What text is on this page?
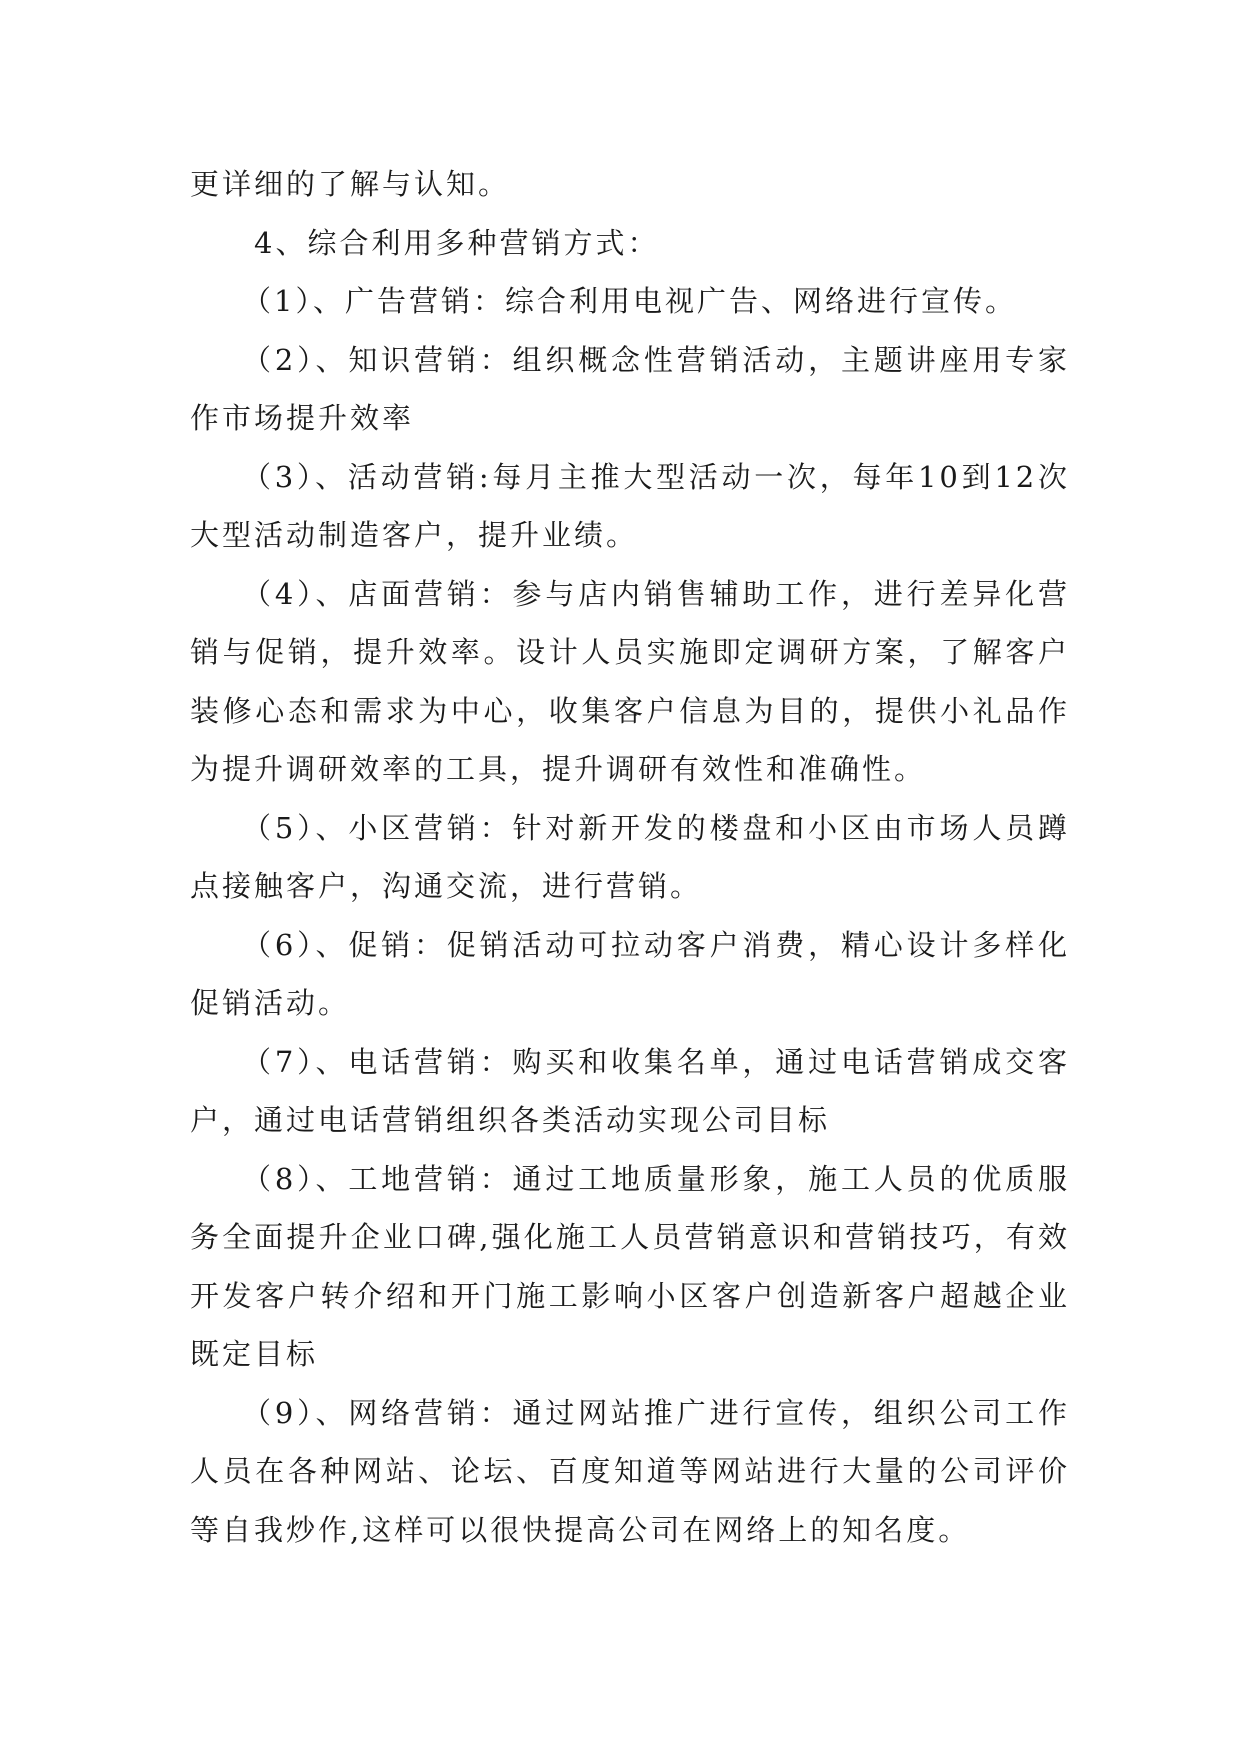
更详细的了解与认知。

4、综合利用多种营销方式：

（1）、广告营销：综合利用电视广告、网络进行宣传。

（2）、知识营销：组织概念性营销活动，主题讲座用专家作市场提升效率

（3）、活动营销:每月主推大型活动一次，每年10到12次大型活动制造客户，提升业绩。

（4）、店面营销：参与店内销售辅助工作，进行差异化营销与促销，提升效率。设计人员实施即定调研方案，了解客户装修心态和需求为中心，收集客户信息为目的，提供小礼品作为提升调研效率的工具，提升调研有效性和准确性。

（5）、小区营销：针对新开发的楼盘和小区由市场人员蹲点接触客户，沟通交流，进行营销。

（6）、促销：促销活动可拉动客户消费，精心设计多样化促销活动。

（7）、电话营销：购买和收集名单，通过电话营销成交客户，通过电话营销组织各类活动实现公司目标

（8）、工地营销：通过工地质量形象，施工人员的优质服务全面提升企业口碑,强化施工人员营销意识和营销技巧，有效开发客户转介绍和开门施工影响小区客户创造新客户超越企业既定目标

（9）、网络营销：通过网站推广进行宣传，组织公司工作人员在各种网站、论坛、百度知道等网站进行大量的公司评价等自我炒作,这样可以很快提高公司在网络上的知名度。
